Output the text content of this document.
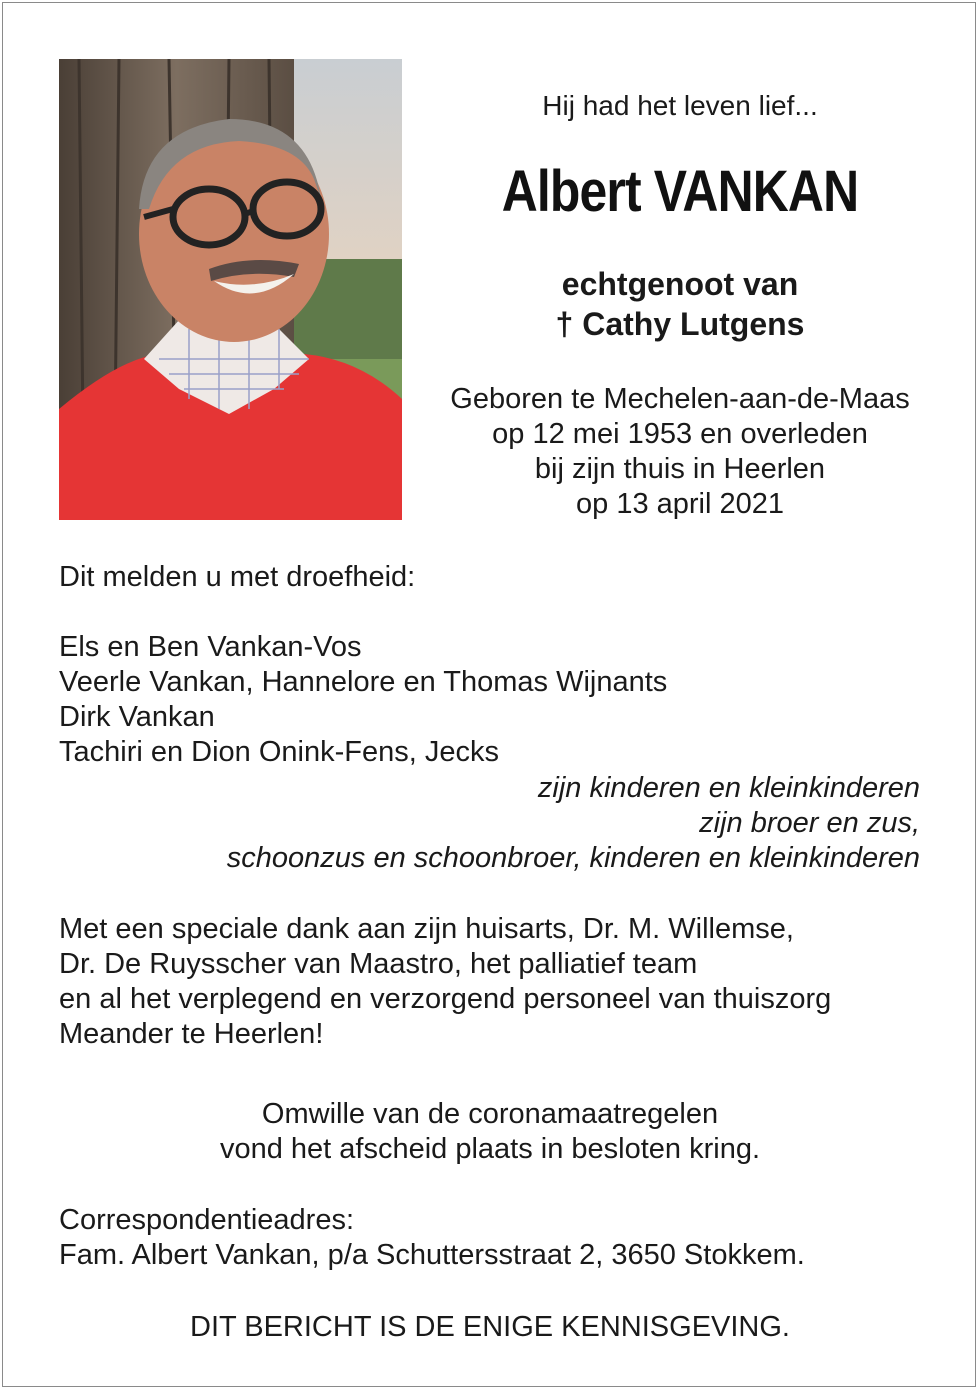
Hij had het leven lief...
Albert VANKAN
echtgenoot van
† Cathy Lutgens
Geboren te Mechelen-aan-de-Maas
op 12 mei 1953 en overleden
bij zijn thuis in Heerlen
op 13 april 2021
Dit melden u met droefheid:
Els en Ben Vankan-Vos
Veerle Vankan, Hannelore en Thomas Wijnants
Dirk Vankan
Tachiri en Dion Onink-Fens, Jecks
zijn kinderen en kleinkinderen
zijn broer en zus,
schoonzus en schoonbroer, kinderen en kleinkinderen
Met een speciale dank aan zijn huisarts, Dr. M. Willemse,
Dr. De Ruysscher van Maastro, het palliatief team
en al het verplegend en verzorgend personeel van thuiszorg
Meander te Heerlen!
Omwille van de coronamaatregelen
vond het afscheid plaats in besloten kring.
Correspondentieadres:
Fam. Albert Vankan, p/a Schuttersstraat 2, 3650 Stokkem.
DIT BERICHT IS DE ENIGE KENNISGEVING.
